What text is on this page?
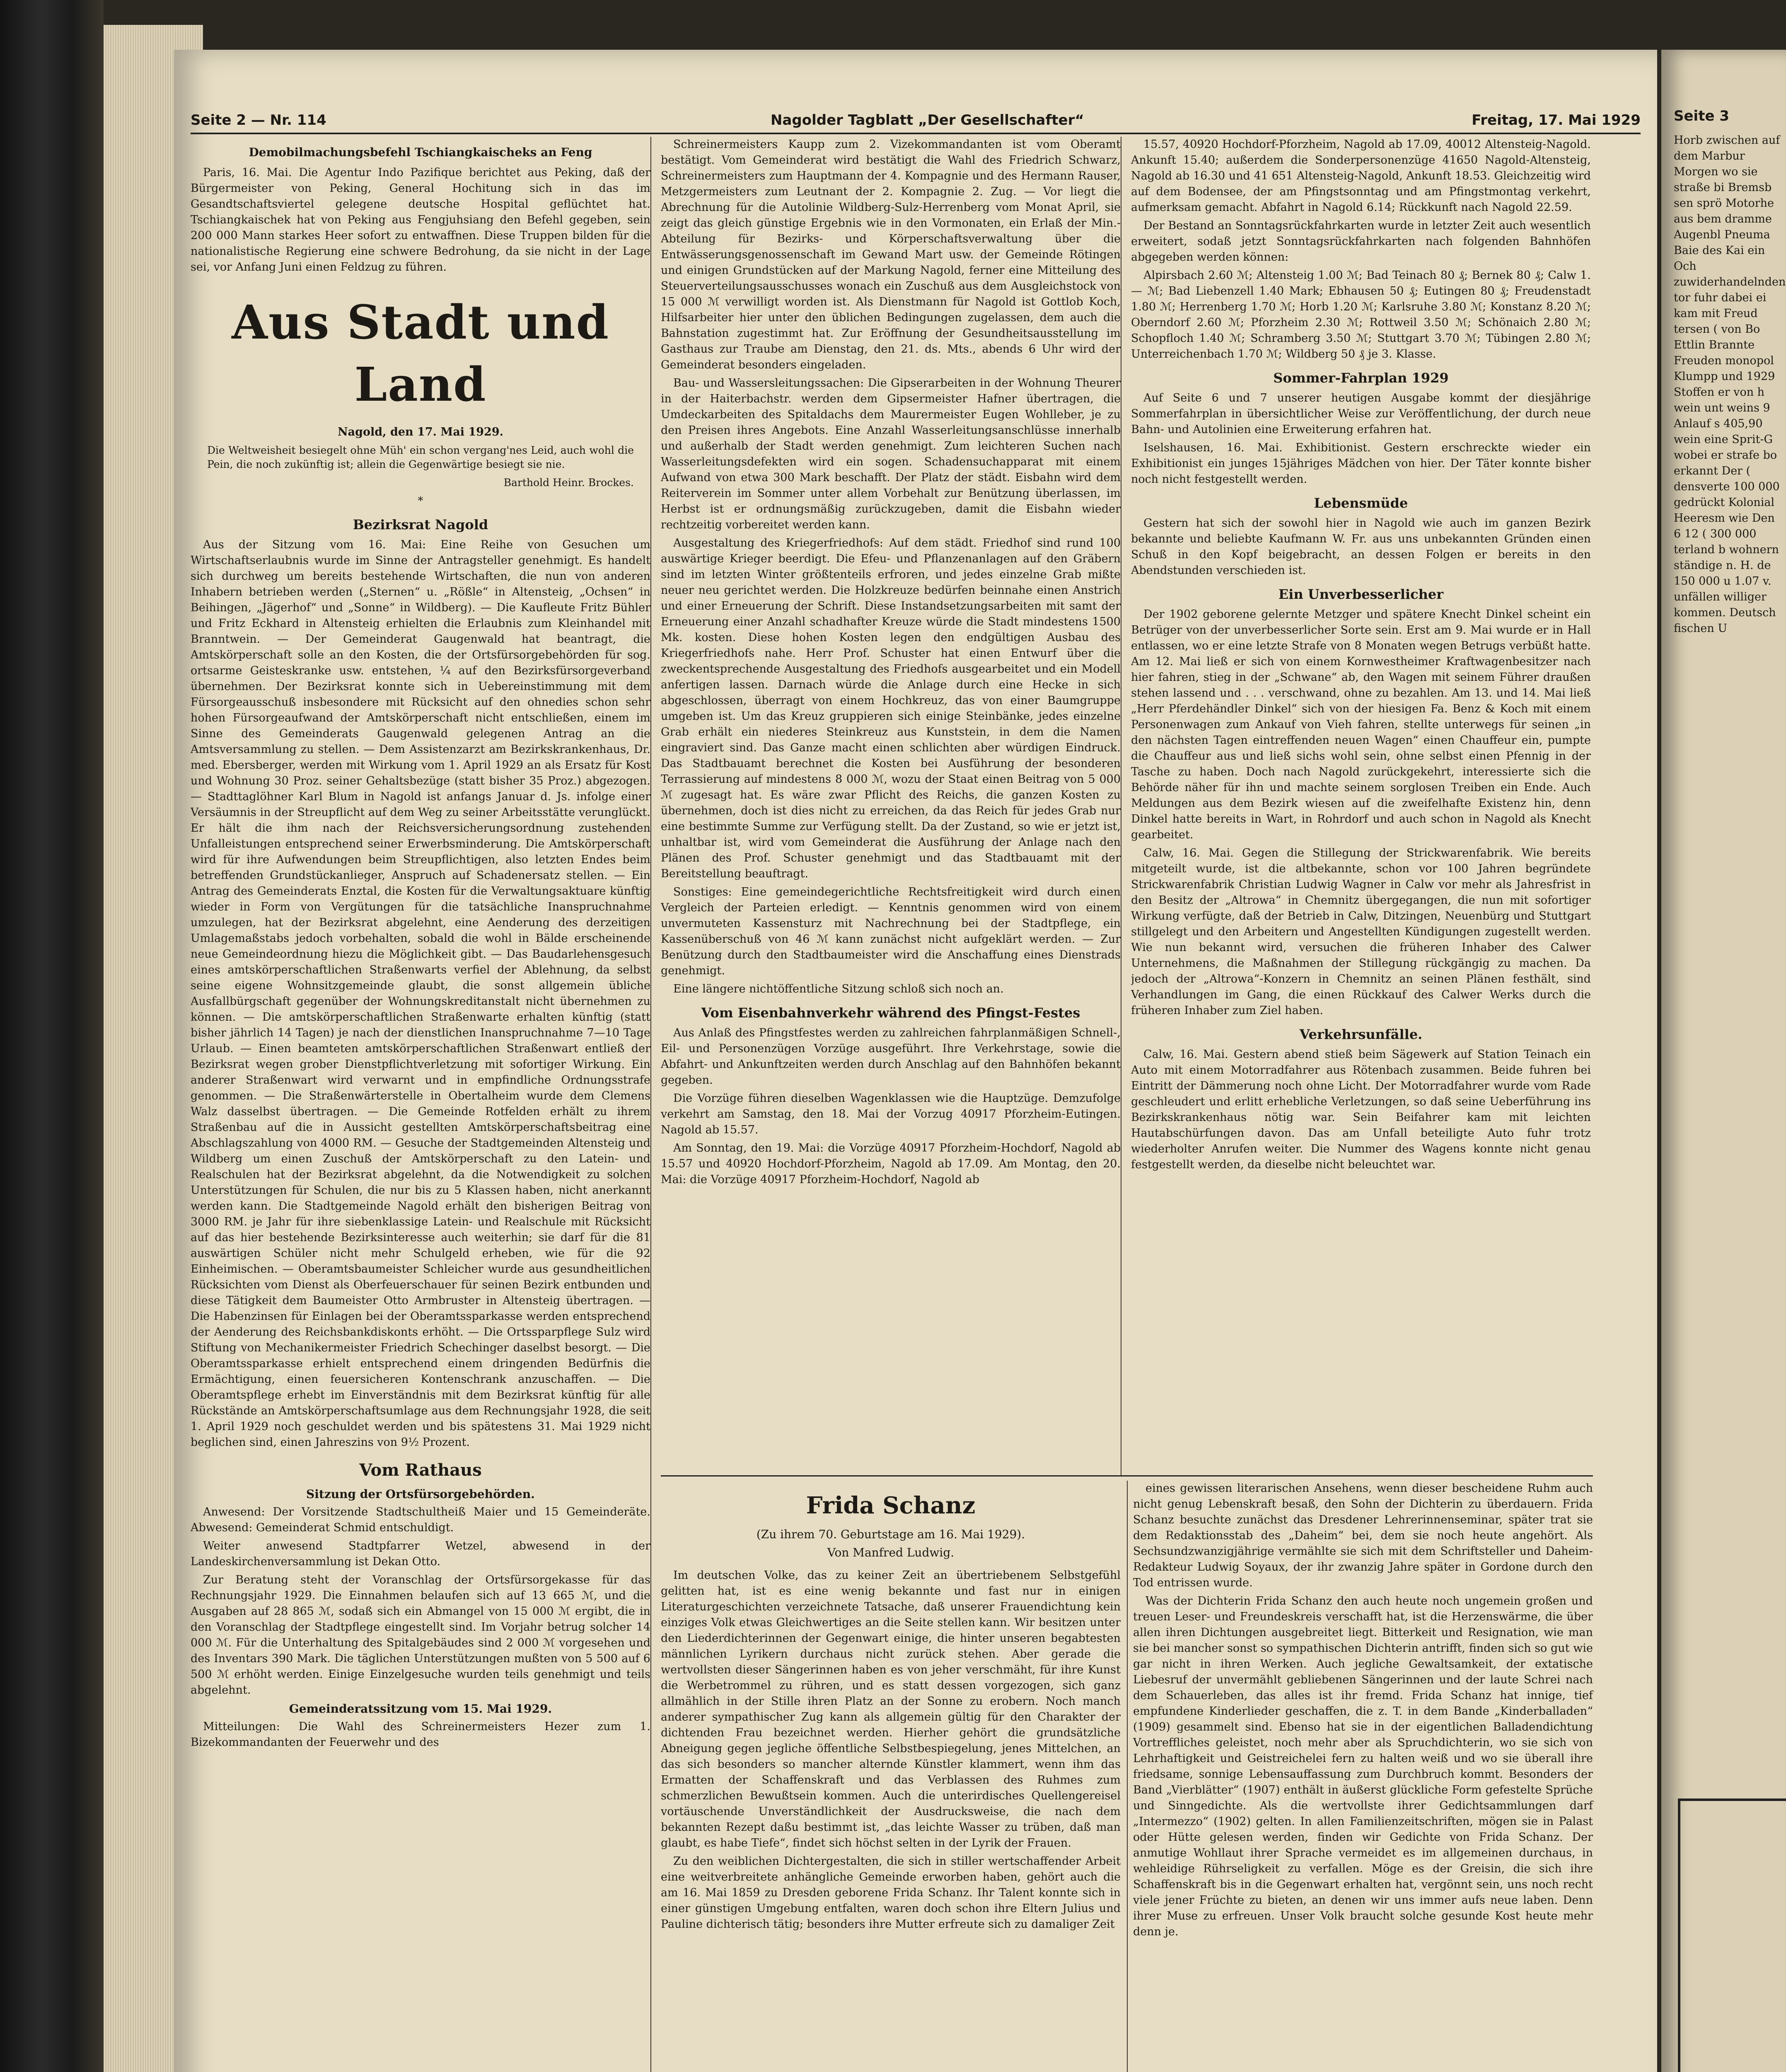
Seite 2 — Nr. 114	Nagolder Tagblatt „Der Gesellschafter“	Freitag, 17. Mai 1929
Demobilmachungsbefehl Tschiangkaischeks an Feng

Paris, 16. Mai. Die Agentur Indo Pazifique berichtet aus Peking, daß der Bürgermeister von Peking, General Hochitung sich in das im Gesandtschaftsviertel gelegene deutsche Hospital geflüchtet hat. Tschiangkaischek hat von Peking aus Fengjuhsiang den Befehl gegeben, sein 200 000 Mann starkes Heer sofort zu entwaffnen. Diese Truppen bilden für die nationalistische Regierung eine schwere Bedrohung, da sie nicht in der Lage sei, vor Anfang Juni einen Feldzug zu führen.

Aus Stadt und Land
Nagold, den 17. Mai 1929.

Die Weltweisheit besiegelt ohne Müh' ein schon vergang'nes Leid, auch wohl die Pein, die noch zukünftig ist; allein die Gegenwärtige besiegt sie nie.

Barthold Heinr. Brockes.
*
Bezirksrat Nagold

Aus der Sitzung vom 16. Mai: Eine Reihe von Gesuchen um Wirtschaftserlaubnis wurde im Sinne der Antragsteller genehmigt. Es handelt sich durchweg um bereits bestehende Wirtschaften, die nun von anderen Inhabern betrieben werden („Sternen“ u. „Rößle“ in Altensteig, „Ochsen“ in Beihingen, „Jägerhof“ und „Sonne“ in Wildberg). — Die Kaufleute Fritz Bühler und Fritz Eckhard in Altensteig erhielten die Erlaubnis zum Kleinhandel mit Branntwein. — Der Gemeinderat Gaugenwald hat beantragt, die Amtskörperschaft solle an den Kosten, die der Ortsfürsorgebehörden für sog. ortsarme Geisteskranke usw. entstehen, ¼ auf den Bezirksfürsorgeverband übernehmen. Der Bezirksrat konnte sich in Uebereinstimmung mit dem Fürsorgeausschuß insbesondere mit Rücksicht auf den ohnedies schon sehr hohen Fürsorgeaufwand der Amtskörperschaft nicht entschließen, einem im Sinne des Gemeinderats Gaugenwald gelegenen Antrag an die Amtsversammlung zu stellen. — Dem Assistenzarzt am Bezirkskrankenhaus, Dr. med. Ebersberger, werden mit Wirkung vom 1. April 1929 an als Ersatz für Kost und Wohnung 30 Proz. seiner Gehaltsbezüge (statt bisher 35 Proz.) abgezogen. — Stadttaglöhner Karl Blum in Nagold ist anfangs Januar d. Js. infolge einer Versäumnis in der Streupflicht auf dem Weg zu seiner Arbeitsstätte verunglückt. Er hält die ihm nach der Reichsversicherungsordnung zustehenden Unfalleistungen entsprechend seiner Erwerbsminderung. Die Amtskörperschaft wird für ihre Aufwendungen beim Streupflichtigen, also letzten Endes beim betreffenden Grundstückanlieger, Anspruch auf Schadenersatz stellen. — Ein Antrag des Gemeinderats Enztal, die Kosten für die Verwaltungsaktuare künftig wieder in Form von Vergütungen für die tatsächliche Inanspruchnahme umzulegen, hat der Bezirksrat abgelehnt, eine Aenderung des derzeitigen Umlagemaßstabs jedoch vorbehalten, sobald die wohl in Bälde erscheinende neue Gemeindeordnung hiezu die Möglichkeit gibt. — Das Baudarlehensgesuch eines amtskörperschaftlichen Straßenwarts verfiel der Ablehnung, da selbst seine eigene Wohnsitzgemeinde glaubt, die sonst allgemein übliche Ausfallbürgschaft gegenüber der Wohnungskreditanstalt nicht übernehmen zu können. — Die amtskörperschaftlichen Straßenwarte erhalten künftig (statt bisher jährlich 14 Tagen) je nach der dienstlichen Inanspruchnahme 7—10 Tage Urlaub. — Einen beamteten amtskörperschaftlichen Straßenwart entließ der Bezirksrat wegen grober Dienstpflichtverletzung mit sofortiger Wirkung. Ein anderer Straßenwart wird verwarnt und in empfindliche Ordnungsstrafe genommen. — Die Straßenwärterstelle in Obertalheim wurde dem Clemens Walz dasselbst übertragen. — Die Gemeinde Rotfelden erhält zu ihrem Straßenbau auf die in Aussicht gestellten Amtskörperschaftsbeitrag eine Abschlagszahlung von 4000 RM. — Gesuche der Stadtgemeinden Altensteig und Wildberg um einen Zuschuß der Amtskörperschaft zu den Latein- und Realschulen hat der Bezirksrat abgelehnt, da die Notwendigkeit zu solchen Unterstützungen für Schulen, die nur bis zu 5 Klassen haben, nicht anerkannt werden kann. Die Stadtgemeinde Nagold erhält den bisherigen Beitrag von 3000 RM. je Jahr für ihre siebenklassige Latein- und Realschule mit Rücksicht auf das hier bestehende Bezirksinteresse auch weiterhin; sie darf für die 81 auswärtigen Schüler nicht mehr Schulgeld erheben, wie für die 92 Einheimischen. — Oberamtsbaumeister Schleicher wurde aus gesundheitlichen Rücksichten vom Dienst als Oberfeuerschauer für seinen Bezirk entbunden und diese Tätigkeit dem Baumeister Otto Armbruster in Altensteig übertragen. — Die Habenzinsen für Einlagen bei der Oberamtssparkasse werden entsprechend der Aenderung des Reichsbankdiskonts erhöht. — Die Ortssparpflege Sulz wird Stiftung von Mechanikermeister Friedrich Schechinger daselbst besorgt. — Die Oberamtssparkasse erhielt entsprechend einem dringenden Bedürfnis die Ermächtigung, einen feuersicheren Kontenschrank anzuschaffen. — Die Oberamtspflege erhebt im Einverständnis mit dem Bezirksrat künftig für alle Rückstände an Amtskörperschaftsumlage aus dem Rechnungsjahr 1928, die seit 1. April 1929 noch geschuldet werden und bis spätestens 31. Mai 1929 nicht beglichen sind, einen Jahreszins von 9½ Prozent.

Vom Rathaus
Sitzung der Ortsfürsorgebehörden.

Anwesend: Der Vorsitzende Stadtschultheiß Maier und 15 Gemeinderäte. Abwesend: Gemeinderat Schmid entschuldigt.

Weiter anwesend Stadtpfarrer Wetzel, abwesend in der Landeskirchenversammlung ist Dekan Otto.

Zur Beratung steht der Voranschlag der Ortsfürsorgekasse für das Rechnungsjahr 1929. Die Einnahmen belaufen sich auf 13 665 ℳ, und die Ausgaben auf 28 865 ℳ, sodaß sich ein Abmangel von 15 000 ℳ ergibt, die in den Voranschlag der Stadtpflege eingestellt sind. Im Vorjahr betrug solcher 14 000 ℳ. Für die Unterhaltung des Spitalgebäudes sind 2 000 ℳ vorgesehen und des Inventars 390 Mark. Die täglichen Unterstützungen mußten von 5 500 auf 6 500 ℳ erhöht werden. Einige Einzelgesuche wurden teils genehmigt und teils abgelehnt.

Gemeinderatssitzung vom 15. Mai 1929.

Mitteilungen: Die Wahl des Schreinermeisters Hezer zum 1. Bizekommandanten der Feuerwehr und des

Schreinermeisters Kaupp zum 2. Vizekommandanten ist vom Oberamt bestätigt. Vom Gemeinderat wird bestätigt die Wahl des Friedrich Schwarz, Schreinermeisters zum Hauptmann der 4. Kompagnie und des Hermann Rauser, Metzgermeisters zum Leutnant der 2. Kompagnie 2. Zug. — Vor liegt die Abrechnung für die Autolinie Wildberg-Sulz-Herrenberg vom Monat April, sie zeigt das gleich günstige Ergebnis wie in den Vormonaten, ein Erlaß der Min.-Abteilung für Bezirks- und Körperschaftsverwaltung über die Entwässerungsgenossenschaft im Gewand Mart usw. der Gemeinde Rötingen und einigen Grundstücken auf der Markung Nagold, ferner eine Mitteilung des Steuerverteilungsausschusses wonach ein Zuschuß aus dem Ausgleichstock von 15 000 ℳ verwilligt worden ist. Als Dienstmann für Nagold ist Gottlob Koch, Hilfsarbeiter hier unter den üblichen Bedingungen zugelassen, dem auch die Bahnstation zugestimmt hat. Zur Eröffnung der Gesundheitsausstellung im Gasthaus zur Traube am Dienstag, den 21. ds. Mts., abends 6 Uhr wird der Gemeinderat besonders eingeladen.

Bau- und Wassersleitungssachen: Die Gipserarbeiten in der Wohnung Theurer in der Haiterbachstr. werden dem Gipsermeister Hafner übertragen, die Umdeckarbeiten des Spitaldachs dem Maurermeister Eugen Wohlleber, je zu den Preisen ihres Angebots. Eine Anzahl Wasserleitungsanschlüsse innerhalb und außerhalb der Stadt werden genehmigt. Zum leichteren Suchen nach Wasserleitungsdefekten wird ein sogen. Schadensuchapparat mit einem Aufwand von etwa 300 Mark beschafft. Der Platz der städt. Eisbahn wird dem Reiterverein im Sommer unter allem Vorbehalt zur Benützung überlassen, im Herbst ist er ordnungsmäßig zurückzugeben, damit die Eisbahn wieder rechtzeitig vorbereitet werden kann.

Ausgestaltung des Kriegerfriedhofs: Auf dem städt. Friedhof sind rund 100 auswärtige Krieger beerdigt. Die Efeu- und Pflanzenanlagen auf den Gräbern sind im letzten Winter größtenteils erfroren, und jedes einzelne Grab mißte neuer neu gerichtet werden. Die Holzkreuze bedürfen beinnahe einen Anstrich und einer Erneuerung der Schrift. Diese Instandsetzungsarbeiten mit samt der Erneuerung einer Anzahl schadhafter Kreuze würde die Stadt mindestens 1500 Mk. kosten. Diese hohen Kosten legen den endgültigen Ausbau des Kriegerfriedhofs nahe. Herr Prof. Schuster hat einen Entwurf über die zweckentsprechende Ausgestaltung des Friedhofs ausgearbeitet und ein Modell anfertigen lassen. Darnach würde die Anlage durch eine Hecke in sich abgeschlossen, überragt von einem Hochkreuz, das von einer Baumgruppe umgeben ist. Um das Kreuz gruppieren sich einige Steinbänke, jedes einzelne Grab erhält ein niederes Steinkreuz aus Kunststein, in dem die Namen eingraviert sind. Das Ganze macht einen schlichten aber würdigen Eindruck. Das Stadtbauamt berechnet die Kosten bei Ausführung der besonderen Terrassierung auf mindestens 8 000 ℳ, wozu der Staat einen Beitrag von 5 000 ℳ zugesagt hat. Es wäre zwar Pflicht des Reichs, die ganzen Kosten zu übernehmen, doch ist dies nicht zu erreichen, da das Reich für jedes Grab nur eine bestimmte Summe zur Verfügung stellt. Da der Zustand, so wie er jetzt ist, unhaltbar ist, wird vom Gemeinderat die Ausführung der Anlage nach den Plänen des Prof. Schuster genehmigt und das Stadtbauamt mit der Bereitstellung beauftragt.

Sonstiges: Eine gemeindegerichtliche Rechtsfreitigkeit wird durch einen Vergleich der Parteien erledigt. — Kenntnis genommen wird von einem unvermuteten Kassensturz mit Nachrechnung bei der Stadtpflege, ein Kassenüberschuß von 46 ℳ kann zunächst nicht aufgeklärt werden. — Zur Benützung durch den Stadtbaumeister wird die Anschaffung eines Dienstrads genehmigt.

Eine längere nichtöffentliche Sitzung schloß sich noch an.

Vom Eisenbahnverkehr während des Pfingst-Festes

Aus Anlaß des Pfingstfestes werden zu zahlreichen fahrplanmäßigen Schnell-, Eil- und Personenzügen Vorzüge ausgeführt. Ihre Verkehrstage, sowie die Abfahrt- und Ankunftzeiten werden durch Anschlag auf den Bahnhöfen bekannt gegeben.

Die Vorzüge führen dieselben Wagenklassen wie die Hauptzüge. Demzufolge verkehrt am Samstag, den 18. Mai der Vorzug 40917 Pforzheim-Eutingen. Nagold ab 15.57.

Am Sonntag, den 19. Mai: die Vorzüge 40917 Pforzheim-Hochdorf, Nagold ab 15.57 und 40920 Hochdorf-Pforzheim, Nagold ab 17.09. Am Montag, den 20. Mai: die Vorzüge 40917 Pforzheim-Hochdorf, Nagold ab

15.57, 40920 Hochdorf-Pforzheim, Nagold ab 17.09, 40012 Altensteig-Nagold. Ankunft 15.40; außerdem die Sonderpersonenzüge 41650 Nagold-Altensteig, Nagold ab 16.30 und 41 651 Altensteig-Nagold, Ankunft 18.53. Gleichzeitig wird auf dem Bodensee, der am Pfingstsonntag und am Pfingstmontag verkehrt, aufmerksam gemacht. Abfahrt in Nagold 6.14; Rückkunft nach Nagold 22.59.

Der Bestand an Sonntagsrückfahrkarten wurde in letzter Zeit auch wesentlich erweitert, sodaß jetzt Sonntagsrückfahrkarten nach folgenden Bahnhöfen abgegeben werden können:

Alpirsbach 2.60 ℳ; Altensteig 1.00 ℳ; Bad Teinach 80 ₰; Bernek 80 ₰; Calw 1.— ℳ; Bad Liebenzell 1.40 Mark; Ebhausen 50 ₰; Eutingen 80 ₰; Freudenstadt 1.80 ℳ; Herrenberg 1.70 ℳ; Horb 1.20 ℳ; Karlsruhe 3.80 ℳ; Konstanz 8.20 ℳ; Oberndorf 2.60 ℳ; Pforzheim 2.30 ℳ; Rottweil 3.50 ℳ; Schönaich 2.80 ℳ; Schopfloch 1.40 ℳ; Schramberg 3.50 ℳ; Stuttgart 3.70 ℳ; Tübingen 2.80 ℳ; Unterreichenbach 1.70 ℳ; Wildberg 50 ₰ je 3. Klasse.

Sommer-Fahrplan 1929

Auf Seite 6 und 7 unserer heutigen Ausgabe kommt der diesjährige Sommerfahrplan in übersichtlicher Weise zur Veröffentlichung, der durch neue Bahn- und Autolinien eine Erweiterung erfahren hat.

Iselshausen, 16. Mai. Exhibitionist. Gestern erschreckte wieder ein Exhibitionist ein junges 15jähriges Mädchen von hier. Der Täter konnte bisher noch nicht festgestellt werden.

Lebensmüde

Gestern hat sich der sowohl hier in Nagold wie auch im ganzen Bezirk bekannte und beliebte Kaufmann W. Fr. aus uns unbekannten Gründen einen Schuß in den Kopf beigebracht, an dessen Folgen er bereits in den Abendstunden verschieden ist.

Ein Unverbesserlicher

Der 1902 geborene gelernte Metzger und spätere Knecht Dinkel scheint ein Betrüger von der unverbesserlicher Sorte sein. Erst am 9. Mai wurde er in Hall entlassen, wo er eine letzte Strafe von 8 Monaten wegen Betrugs verbüßt hatte. Am 12. Mai ließ er sich von einem Kornwestheimer Kraftwagenbesitzer nach hier fahren, stieg in der „Schwane“ ab, den Wagen mit seinem Führer draußen stehen lassend und . . . verschwand, ohne zu bezahlen. Am 13. und 14. Mai ließ „Herr Pferdehändler Dinkel“ sich von der hiesigen Fa. Benz & Koch mit einem Personenwagen zum Ankauf von Vieh fahren, stellte unterwegs für seinen „in den nächsten Tagen eintreffenden neuen Wagen“ einen Chauffeur ein, pumpte die Chauffeur aus und ließ sichs wohl sein, ohne selbst einen Pfennig in der Tasche zu haben. Doch nach Nagold zurückgekehrt, interessierte sich die Behörde näher für ihn und machte seinem sorglosen Treiben ein Ende. Auch Meldungen aus dem Bezirk wiesen auf die zweifelhafte Existenz hin, denn Dinkel hatte bereits in Wart, in Rohrdorf und auch schon in Nagold als Knecht gearbeitet.

Calw, 16. Mai. Gegen die Stillegung der Strickwarenfabrik. Wie bereits mitgeteilt wurde, ist die altbekannte, schon vor 100 Jahren begründete Strickwarenfabrik Christian Ludwig Wagner in Calw vor mehr als Jahresfrist in den Besitz der „Altrowa“ in Chemnitz übergegangen, die nun mit sofortiger Wirkung verfügte, daß der Betrieb in Calw, Ditzingen, Neuenbürg und Stuttgart stillgelegt und den Arbeitern und Angestellten Kündigungen zugestellt werden. Wie nun bekannt wird, versuchen die früheren Inhaber des Calwer Unternehmens, die Maßnahmen der Stillegung rückgängig zu machen. Da jedoch der „Altrowa“-Konzern in Chemnitz an seinen Plänen festhält, sind Verhandlungen im Gang, die einen Rückkauf des Calwer Werks durch die früheren Inhaber zum Ziel haben.

Verkehrsunfälle.

Calw, 16. Mai. Gestern abend stieß beim Sägewerk auf Station Teinach ein Auto mit einem Motorradfahrer aus Rötenbach zusammen. Beide fuhren bei Eintritt der Dämmerung noch ohne Licht. Der Motorradfahrer wurde vom Rade geschleudert und erlitt erhebliche Verletzungen, so daß seine Ueberführung ins Bezirkskrankenhaus nötig war. Sein Beifahrer kam mit leichten Hautabschürfungen davon. Das am Unfall beteiligte Auto fuhr trotz wiederholter Anrufen weiter. Die Nummer des Wagens konnte nicht genau festgestellt werden, da dieselbe nicht beleuchtet war.

Frida Schanz
(Zu ihrem 70. Geburtstage am 16. Mai 1929).
Von Manfred Ludwig.

Im deutschen Volke, das zu keiner Zeit an übertriebenem Selbstgefühl gelitten hat, ist es eine wenig bekannte und fast nur in einigen Literaturgeschichten verzeichnete Tatsache, daß unserer Frauendichtung kein einziges Volk etwas Gleichwertiges an die Seite stellen kann. Wir besitzen unter den Liederdichterinnen der Gegenwart einige, die hinter unseren begabtesten männlichen Lyrikern durchaus nicht zurück stehen. Aber gerade die wertvollsten dieser Sängerinnen haben es von jeher verschmäht, für ihre Kunst die Werbetrommel zu rühren, und es statt dessen vorgezogen, sich ganz allmählich in der Stille ihren Platz an der Sonne zu erobern. Noch manch anderer sympathischer Zug kann als allgemein gültig für den Charakter der dichtenden Frau bezeichnet werden. Hierher gehört die grundsätzliche Abneigung gegen jegliche öffentliche Selbstbespiegelung, jenes Mittelchen, an das sich besonders so mancher alternde Künstler klammert, wenn ihm das Ermatten der Schaffenskraft und das Verblassen des Ruhmes zum schmerzlichen Bewußtsein kommen. Auch die unterirdisches Quellengereisel vortäuschende Unverständlichkeit der Ausdrucksweise, die nach dem bekannten Rezept daßu bestimmt ist, „das leichte Wasser zu trüben, daß man glaubt, es habe Tiefe“, findet sich höchst selten in der Lyrik der Frauen.

Zu den weiblichen Dichtergestalten, die sich in stiller wertschaffender Arbeit eine weitverbreitete anhängliche Gemeinde erworben haben, gehört auch die am 16. Mai 1859 zu Dresden geborene Frida Schanz. Ihr Talent konnte sich in einer günstigen Umgebung entfalten, waren doch schon ihre Eltern Julius und Pauline dichterisch tätig; besonders ihre Mutter erfreute sich zu damaliger Zeit

eines gewissen literarischen Ansehens, wenn dieser bescheidene Ruhm auch nicht genug Lebenskraft besaß, den Sohn der Dichterin zu überdauern. Frida Schanz besuchte zunächst das Dresdener Lehrerinnenseminar, später trat sie dem Redaktionsstab des „Daheim“ bei, dem sie noch heute angehört. Als Sechsundzwanzigjährige vermählte sie sich mit dem Schriftsteller und Daheim-Redakteur Ludwig Soyaux, der ihr zwanzig Jahre später in Gordone durch den Tod entrissen wurde.

Was der Dichterin Frida Schanz den auch heute noch ungemein großen und treuen Leser- und Freundeskreis verschafft hat, ist die Herzenswärme, die über allen ihren Dichtungen ausgebreitet liegt. Bitterkeit und Resignation, wie man sie bei mancher sonst so sympathischen Dichterin antrifft, finden sich so gut wie gar nicht in ihren Werken. Auch jegliche Gewaltsamkeit, der extatische Liebesruf der unvermählt gebliebenen Sängerinnen und der laute Schrei nach dem Schauerleben, das alles ist ihr fremd. Frida Schanz hat innige, tief empfundene Kinderlieder geschaffen, die z. T. in dem Bande „Kinderballaden“ (1909) gesammelt sind. Ebenso hat sie in der eigentlichen Balladendichtung Vortreffliches geleistet, noch mehr aber als Spruchdichterin, wo sie sich von Lehrhaftigkeit und Geistreichelei fern zu halten weiß und wo sie überall ihre friedsame, sonnige Lebensauffassung zum Durchbruch kommt. Besonders der Band „Vierblätter“ (1907) enthält in äußerst glückliche Form gefestelte Sprüche und Sinngedichte. Als die wertvollste ihrer Gedichtsammlungen darf „Intermezzo“ (1902) gelten. In allen Familienzeitschriften, mögen sie in Palast oder Hütte gelesen werden, finden wir Gedichte von Frida Schanz. Der anmutige Wohllaut ihrer Sprache vermeidet es im allgemeinen durchaus, in wehleidige Rührseligkeit zu verfallen. Möge es der Greisin, die sich ihre Schaffenskraft bis in die Gegenwart erhalten hat, vergönnt sein, uns noch recht viele jener Früchte zu bieten, an denen wir uns immer aufs neue laben. Denn ihrer Muse zu erfreuen. Unser Volk braucht solche gesunde Kost heute mehr denn je.

Seite 3
Horb zwischen auf dem Marbur Morgen wo sie straße bi Bremsb sen sprö Motorhe aus bem dramme Augenbl Pneuma Baie des Kai ein Och zuwiderhandelnden tor fuhr dabei ei kam mit Freud tersen ( von Bo Ettlin Brannte Freuden monopol Klumpp und 1929 Stoffen er von h wein unt weins 9 Anlauf s 405,90 wein eine Sprit-G wobei er strafe bo erkannt Der ( densverte 100 000 gedrückt Kolonial Heeresm wie Den 6 12 ( 300 000 terland b wohnern ständige n. H. de 150 000 u 1.07 v. unfällen williger kommen. Deutsch fischen U
